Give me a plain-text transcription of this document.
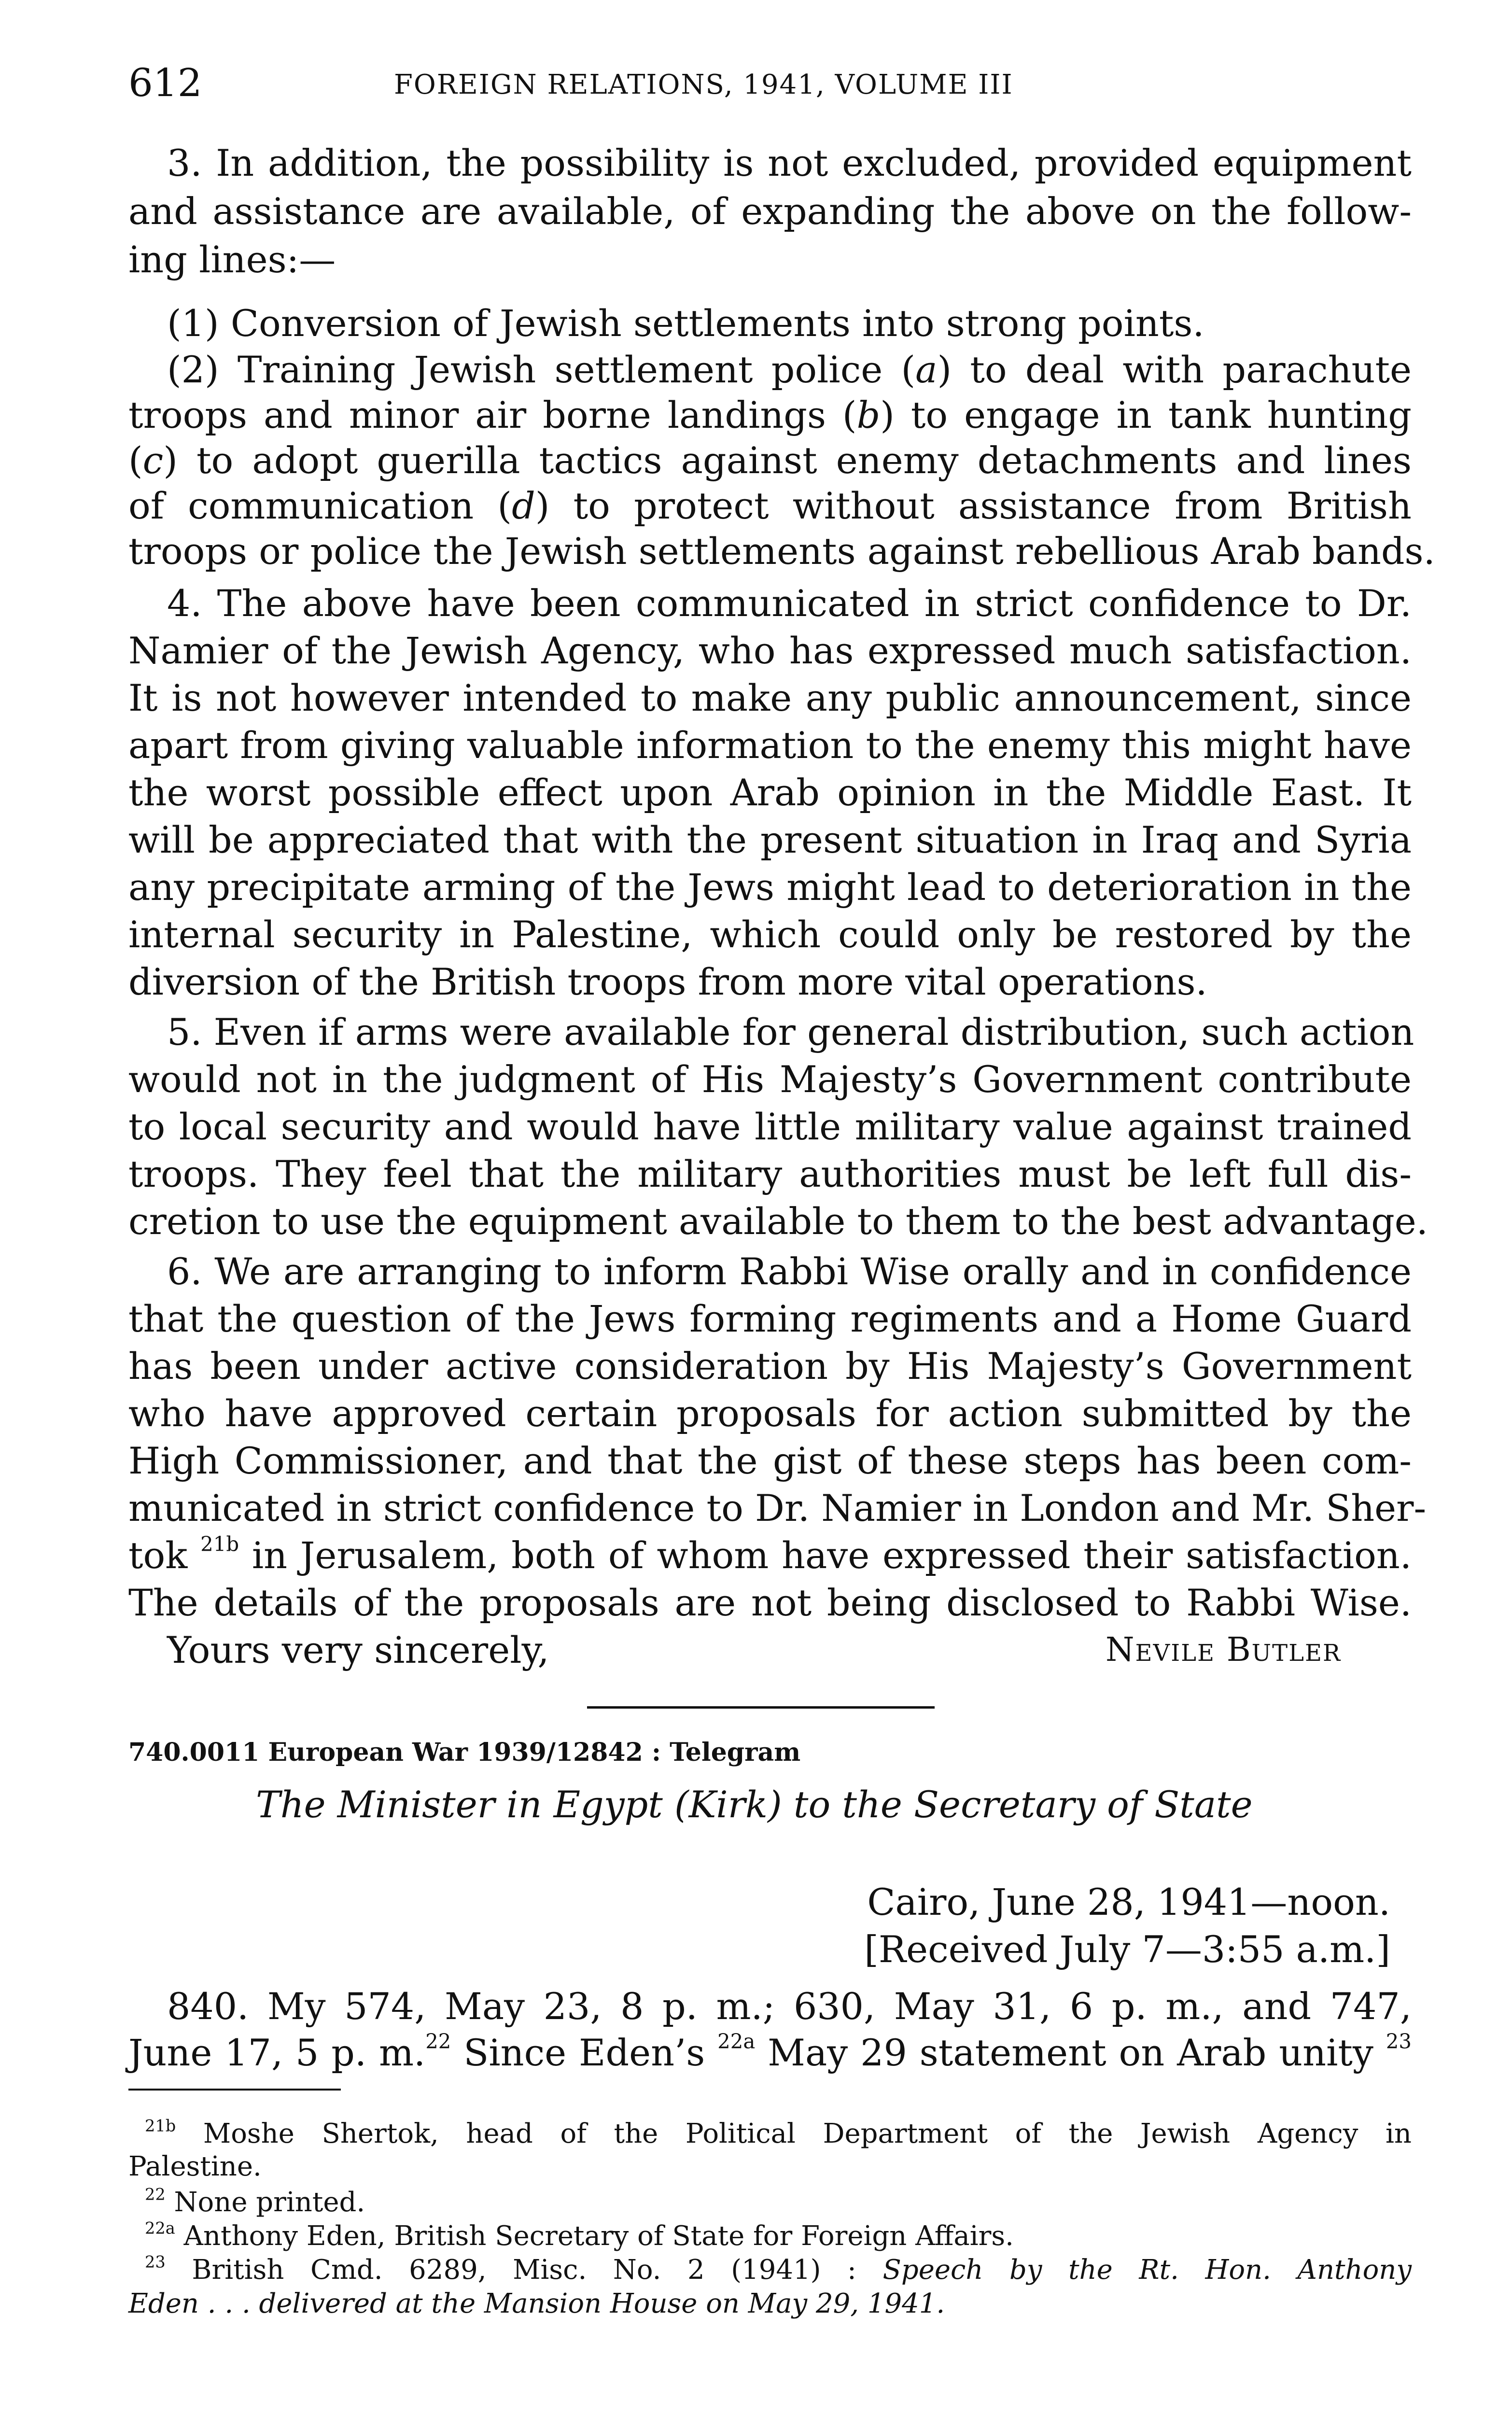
612	FOREIGN RELATIONS, 1941, VOLUME III
3. In addition, the possibility is not excluded, provided equipment
and assistance are available, of expanding the above on the follow-
ing lines:—
(1) Conversion of Jewish settlements into strong points.
(2) Training Jewish settlement police (a) to deal with parachute
troops and minor air borne landings (b) to engage in tank hunting
(c) to adopt guerilla tactics against enemy detachments and lines
of communication (d) to protect without assistance from British
troops or police the Jewish settlements against rebellious Arab bands.
4. The above have been communicated in strict confidence to Dr.
Namier of the Jewish Agency, who has expressed much satisfaction.
It is not however intended to make any public announcement, since
apart from giving valuable information to the enemy this might have
the worst possible effect upon Arab opinion in the Middle East. It
will be appreciated that with the present situation in Iraq and Syria
any precipitate arming of the Jews might lead to deterioration in the
internal security in Palestine, which could only be restored by the
diversion of the British troops from more vital operations.
5. Even if arms were available for general distribution, such action
would not in the judgment of His Majesty’s Government contribute
to local security and would have little military value against trained
troops. They feel that the military authorities must be left full dis-
cretion to use the equipment available to them to the best advantage.
6. We are arranging to inform Rabbi Wise orally and in confidence
that the question of the Jews forming regiments and a Home Guard
has been under active consideration by His Majesty’s Government
who have approved certain proposals for action submitted by the
High Commissioner, and that the gist of these steps has been com-
municated in strict confidence to Dr. Namier in London and Mr. Sher-
tok $^{21b}$ in Jerusalem, both of whom have expressed their satisfaction.
The details of the proposals are not being disclosed to Rabbi Wise.
Yours very sincerely,	Nevile Butler
740.0011 European War 1939/12842 : Telegram
The Minister in Egypt (Kirk) to the Secretary of State
Cairo, June 28, 1941—noon.
[Received July 7—3:55 a.m.]
840. My 574, May 23, 8 p. m.; 630, May 31, 6 p. m., and 747,
June 17, 5 p. m.$^{22}$ Since Eden’s $^{22a}$ May 29 statement on Arab unity $^{23}$
$^{21b}$ Moshe Shertok, head of the Political Department of the Jewish Agency in
Palestine.
$^{22}$ None printed.
$^{22a}$ Anthony Eden, British Secretary of State for Foreign Affairs.
$^{23}$ British Cmd. 6289, Misc. No. 2 (1941) : Speech by the Rt. Hon. Anthony
Eden . . . delivered at the Mansion House on May 29, 1941.
